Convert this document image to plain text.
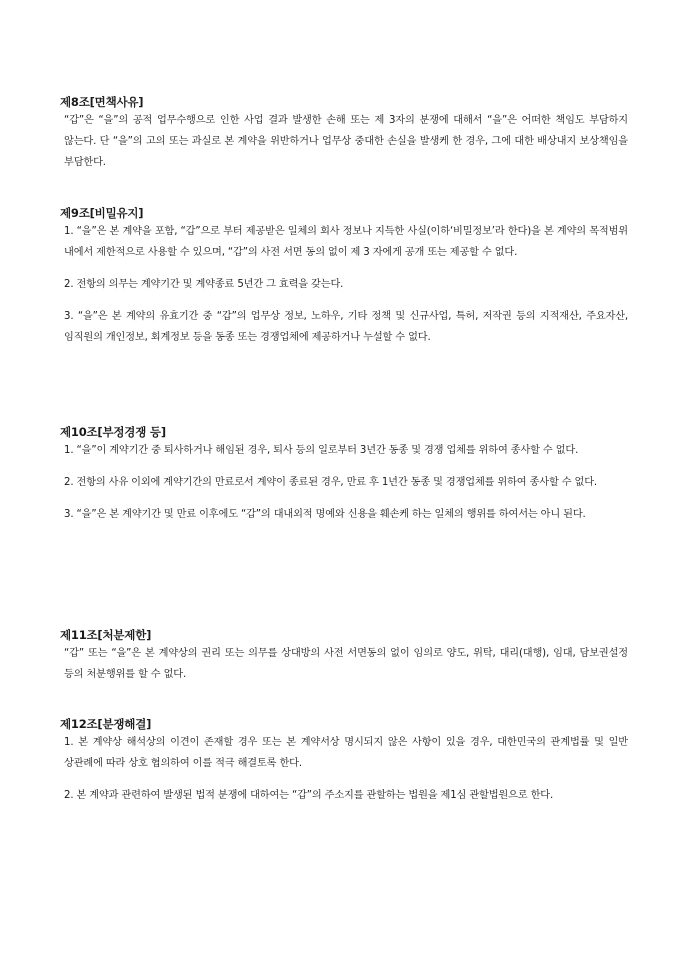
제8조[면책사유]

“갑”은 “을”의 공적 업무수행으로 인한 사업 결과 발생한 손해 또는 제 3자의 분쟁에 대해서 “을”은 어떠한 책임도 부담하지 않는다. 단 “을”의 고의 또는 과실로 본 계약을 위반하거나 업무상 중대한 손실을 발생케 한 경우, 그에 대한 배상내지 보상책임을 부담한다.

제9조[비밀유지]

1. “을”은 본 계약을 포함, “갑”으로 부터 제공받은 일체의 회사 정보나 지득한 사실(이하‘비밀정보’라 한다)을 본 계약의 목적범위 내에서 제한적으로 사용할 수 있으며, “갑”의 사전 서면 동의 없이 제 3 자에게 공개 또는 제공할 수 없다.

2. 전항의 의무는 계약기간 및 계약종료 5년간 그 효력을 갖는다.

3. “을”은 본 계약의 유효기간 중 “갑”의 업무상 정보, 노하우, 기타 정책 및 신규사업, 특허, 저작권 등의 지적재산, 주요자산, 임직원의 개인정보, 회계정보 등을 동종 또는 경쟁업체에 제공하거나 누설할 수 없다.

제10조[부정경쟁 등]

1. “을”이 계약기간 중 퇴사하거나 해임된 경우, 퇴사 등의 일로부터 3년간 동종 및 경쟁 업체를 위하여 종사할 수 없다.

2. 전항의 사유 이외에 계약기간의 만료로서 계약이 종료된 경우, 만료 후 1년간 동종 및 경쟁업체를 위하여 종사할 수 없다.

3. “을”은 본 계약기간 및 만료 이후에도 “갑”의 대내외적 명예와 신용을 훼손케 하는 일체의 행위를 하여서는 아니 된다.

제11조[처분제한]

“갑” 또는 “을”은 본 계약상의 권리 또는 의무를 상대방의 사전 서면동의 없이 임의로 양도, 위탁, 대리(대행), 임대, 담보권설정 등의 처분행위를 할 수 없다.

제12조[분쟁해결]

1. 본 계약상 해석상의 이견이 존재할 경우 또는 본 계약서상 명시되지 않은 사항이 있을 경우, 대한민국의 관계법률 및 일반 상관례에 따라 상호 협의하여 이를 적극 해결토록 한다.

2. 본 계약과 관련하여 발생된 법적 분쟁에 대하여는 “갑”의 주소지를 관할하는 법원을 제1심 관할법원으로 한다.
